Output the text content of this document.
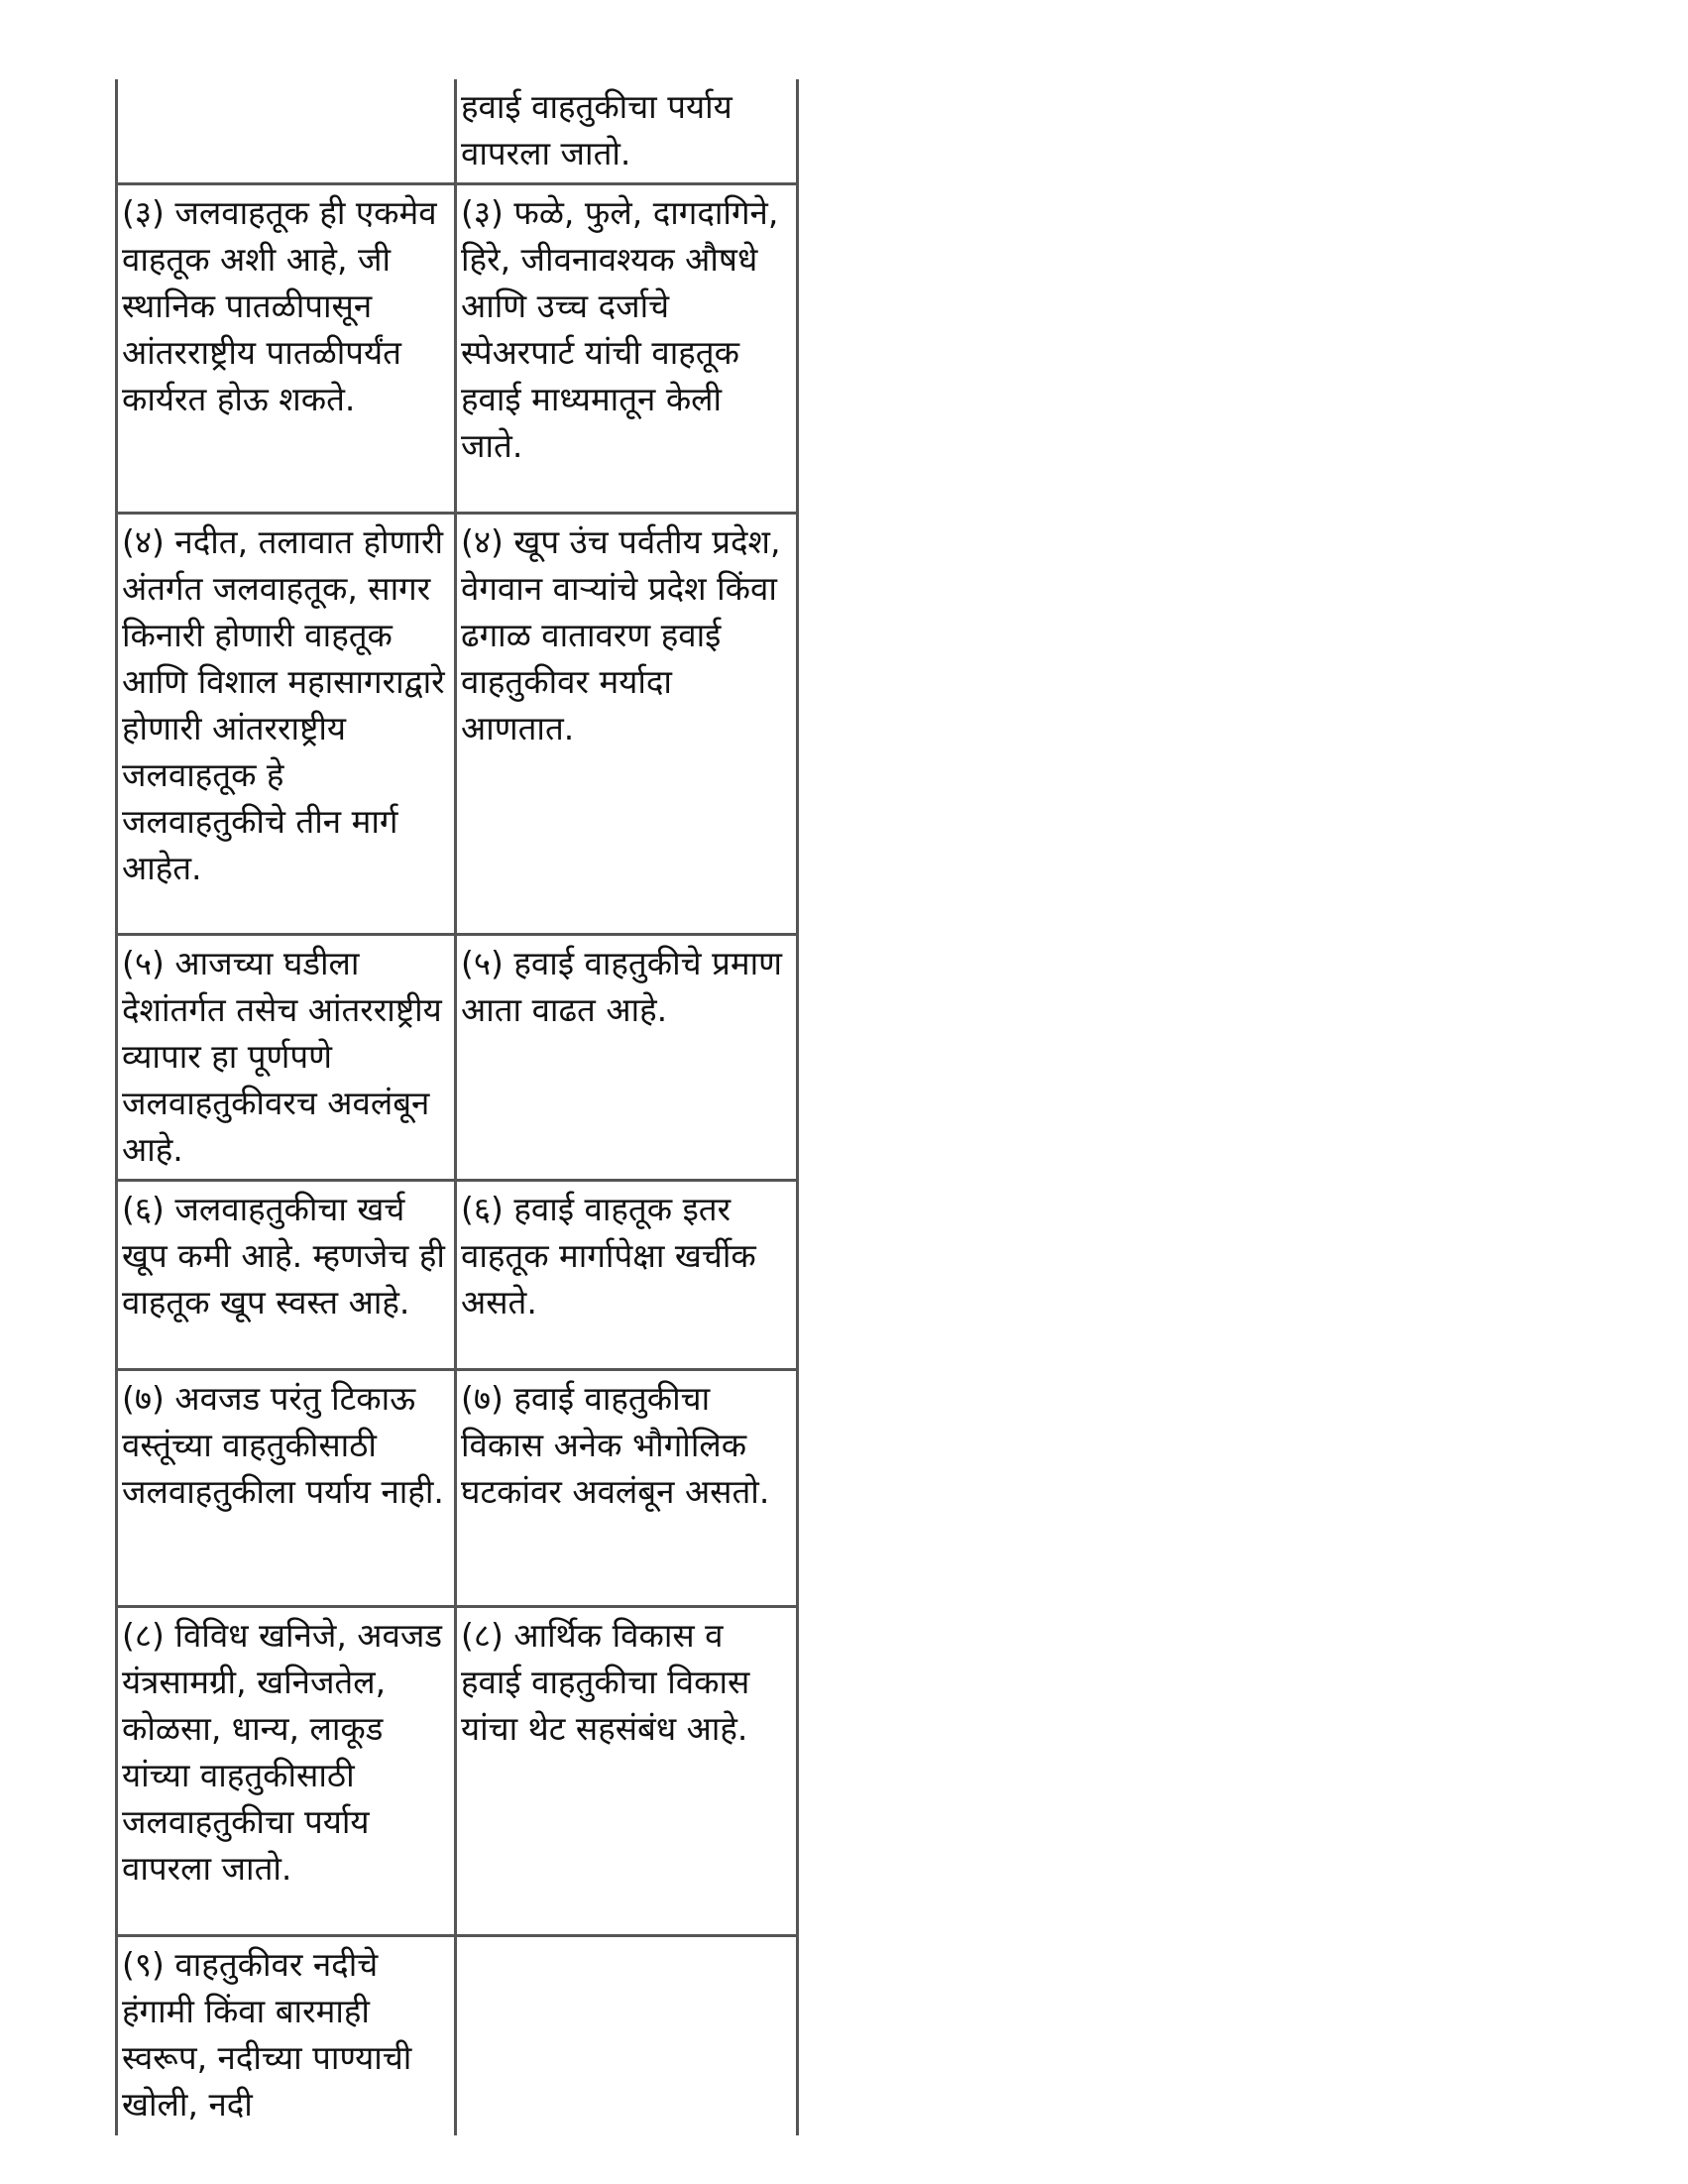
	हवाई वाहतुकीचा पर्याय वापरला जातो.
(३) जलवाहतूक ही एकमेव वाहतूक अशी आहे, जी स्थानिक पातळीपासून आंतरराष्ट्रीय पातळीपर्यंत कार्यरत होऊ शकते.	(३) फळे, फुले, दागदागिने, हिरे, जीवनावश्यक औषधे आणि उच्च दर्जाचे स्पेअरपार्ट यांची वाहतूक हवाई माध्यमातून केली जाते.
(४) नदीत, तलावात होणारी अंतर्गत जलवाहतूक, सागर किनारी होणारी वाहतूक आणि विशाल महासागराद्वारे होणारी आंतरराष्ट्रीय जलवाहतूक हे जलवाहतुकीचे तीन मार्ग आहेत.	(४) खूप उंच पर्वतीय प्रदेश, वेगवान वाऱ्यांचे प्रदेश किंवा ढगाळ वातावरण हवाई वाहतुकीवर मर्यादा आणतात.
(५) आजच्या घडीला देशांतर्गत तसेच आंतरराष्ट्रीय व्यापार हा पूर्णपणे जलवाहतुकीवरच अवलंबून आहे.	(५) हवाई वाहतुकीचे प्रमाण आता वाढत आहे.
(६) जलवाहतुकीचा खर्च खूप कमी आहे. म्हणजेच ही वाहतूक खूप स्वस्त आहे.	(६) हवाई वाहतूक इतर वाहतूक मार्गापेक्षा खर्चीक असते.
(७) अवजड परंतु टिकाऊ वस्तूंच्या वाहतुकीसाठी जलवाहतुकीला पर्याय नाही.	(७) हवाई वाहतुकीचा विकास अनेक भौगोलिक घटकांवर अवलंबून असतो.
(८) विविध खनिजे, अवजड यंत्रसामग्री, खनिजतेल, कोळसा, धान्य, लाकूड यांच्या वाहतुकीसाठी जलवाहतुकीचा पर्याय वापरला जातो.	(८) आर्थिक विकास व हवाई वाहतुकीचा विकास यांचा थेट सहसंबंध आहे.
(९) वाहतुकीवर नदीचे हंगामी किंवा बारमाही स्वरूप, नदीच्या पाण्याची खोली, नदी	
